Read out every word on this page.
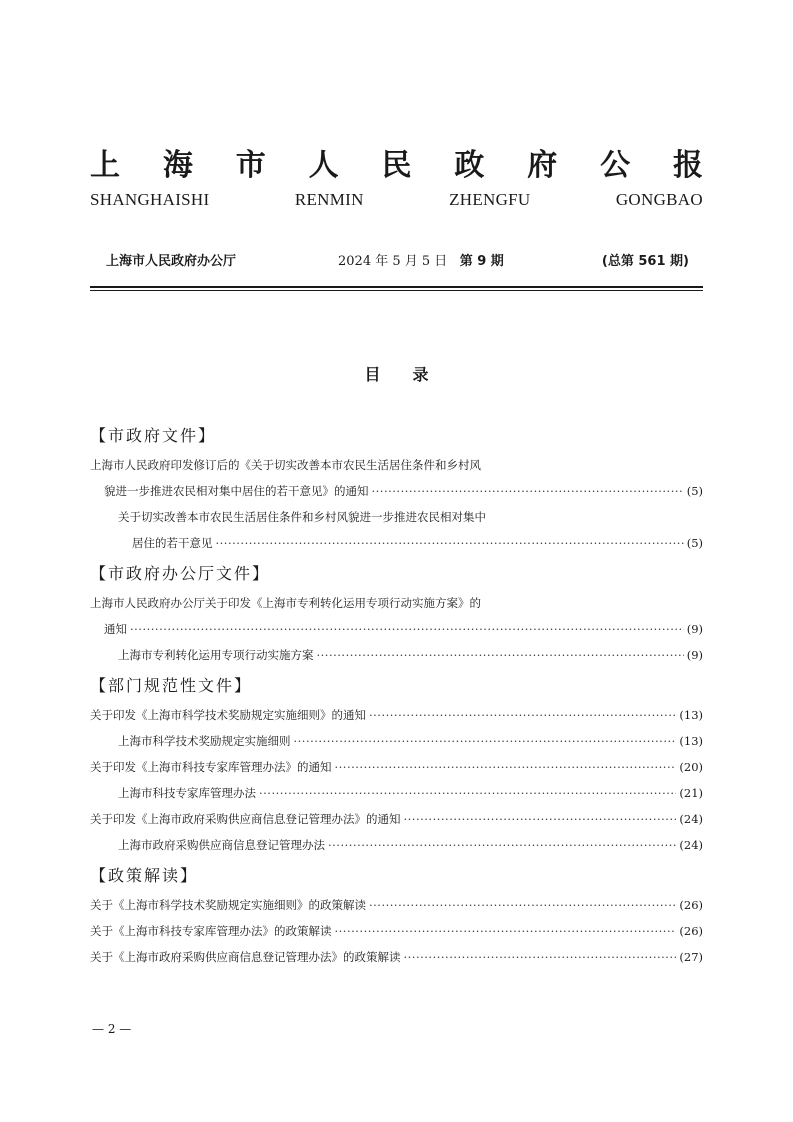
上 海 市 人 民 政 府 公 报
SHANGHAISHI	RENMIN	ZHENGFU	GONGBAO
上海市人民政府办公厅	2024 年 5 月 5 日 第 9 期	(总第 561 期)
目录
【市政府文件】
上海市人民政府印发修订后的《关于切实改善本市农民生活居住条件和乡村风
貌进一步推进农民相对集中居住的若干意见》的通知 ·····	(5)
关于切实改善本市农民生活居住条件和乡村风貌进一步推进农民相对集中
居住的若干意见 ·····	(5)
【市政府办公厅文件】
上海市人民政府办公厅关于印发《上海市专利转化运用专项行动实施方案》的
通知 ·····	(9)
上海市专利转化运用专项行动实施方案 ·····	(9)
【部门规范性文件】
关于印发《上海市科学技术奖励规定实施细则》的通知 ·····	(13)
上海市科学技术奖励规定实施细则 ·····	(13)
关于印发《上海市科技专家库管理办法》的通知 ·····	(20)
上海市科技专家库管理办法 ·····	(21)
关于印发《上海市政府采购供应商信息登记管理办法》的通知 ·····	(24)
上海市政府采购供应商信息登记管理办法 ·····	(24)
【政策解读】
关于《上海市科学技术奖励规定实施细则》的政策解读 ·····	(26)
关于《上海市科技专家库管理办法》的政策解读 ·····	(26)
关于《上海市政府采购供应商信息登记管理办法》的政策解读 ·····	(27)
— 2 —
